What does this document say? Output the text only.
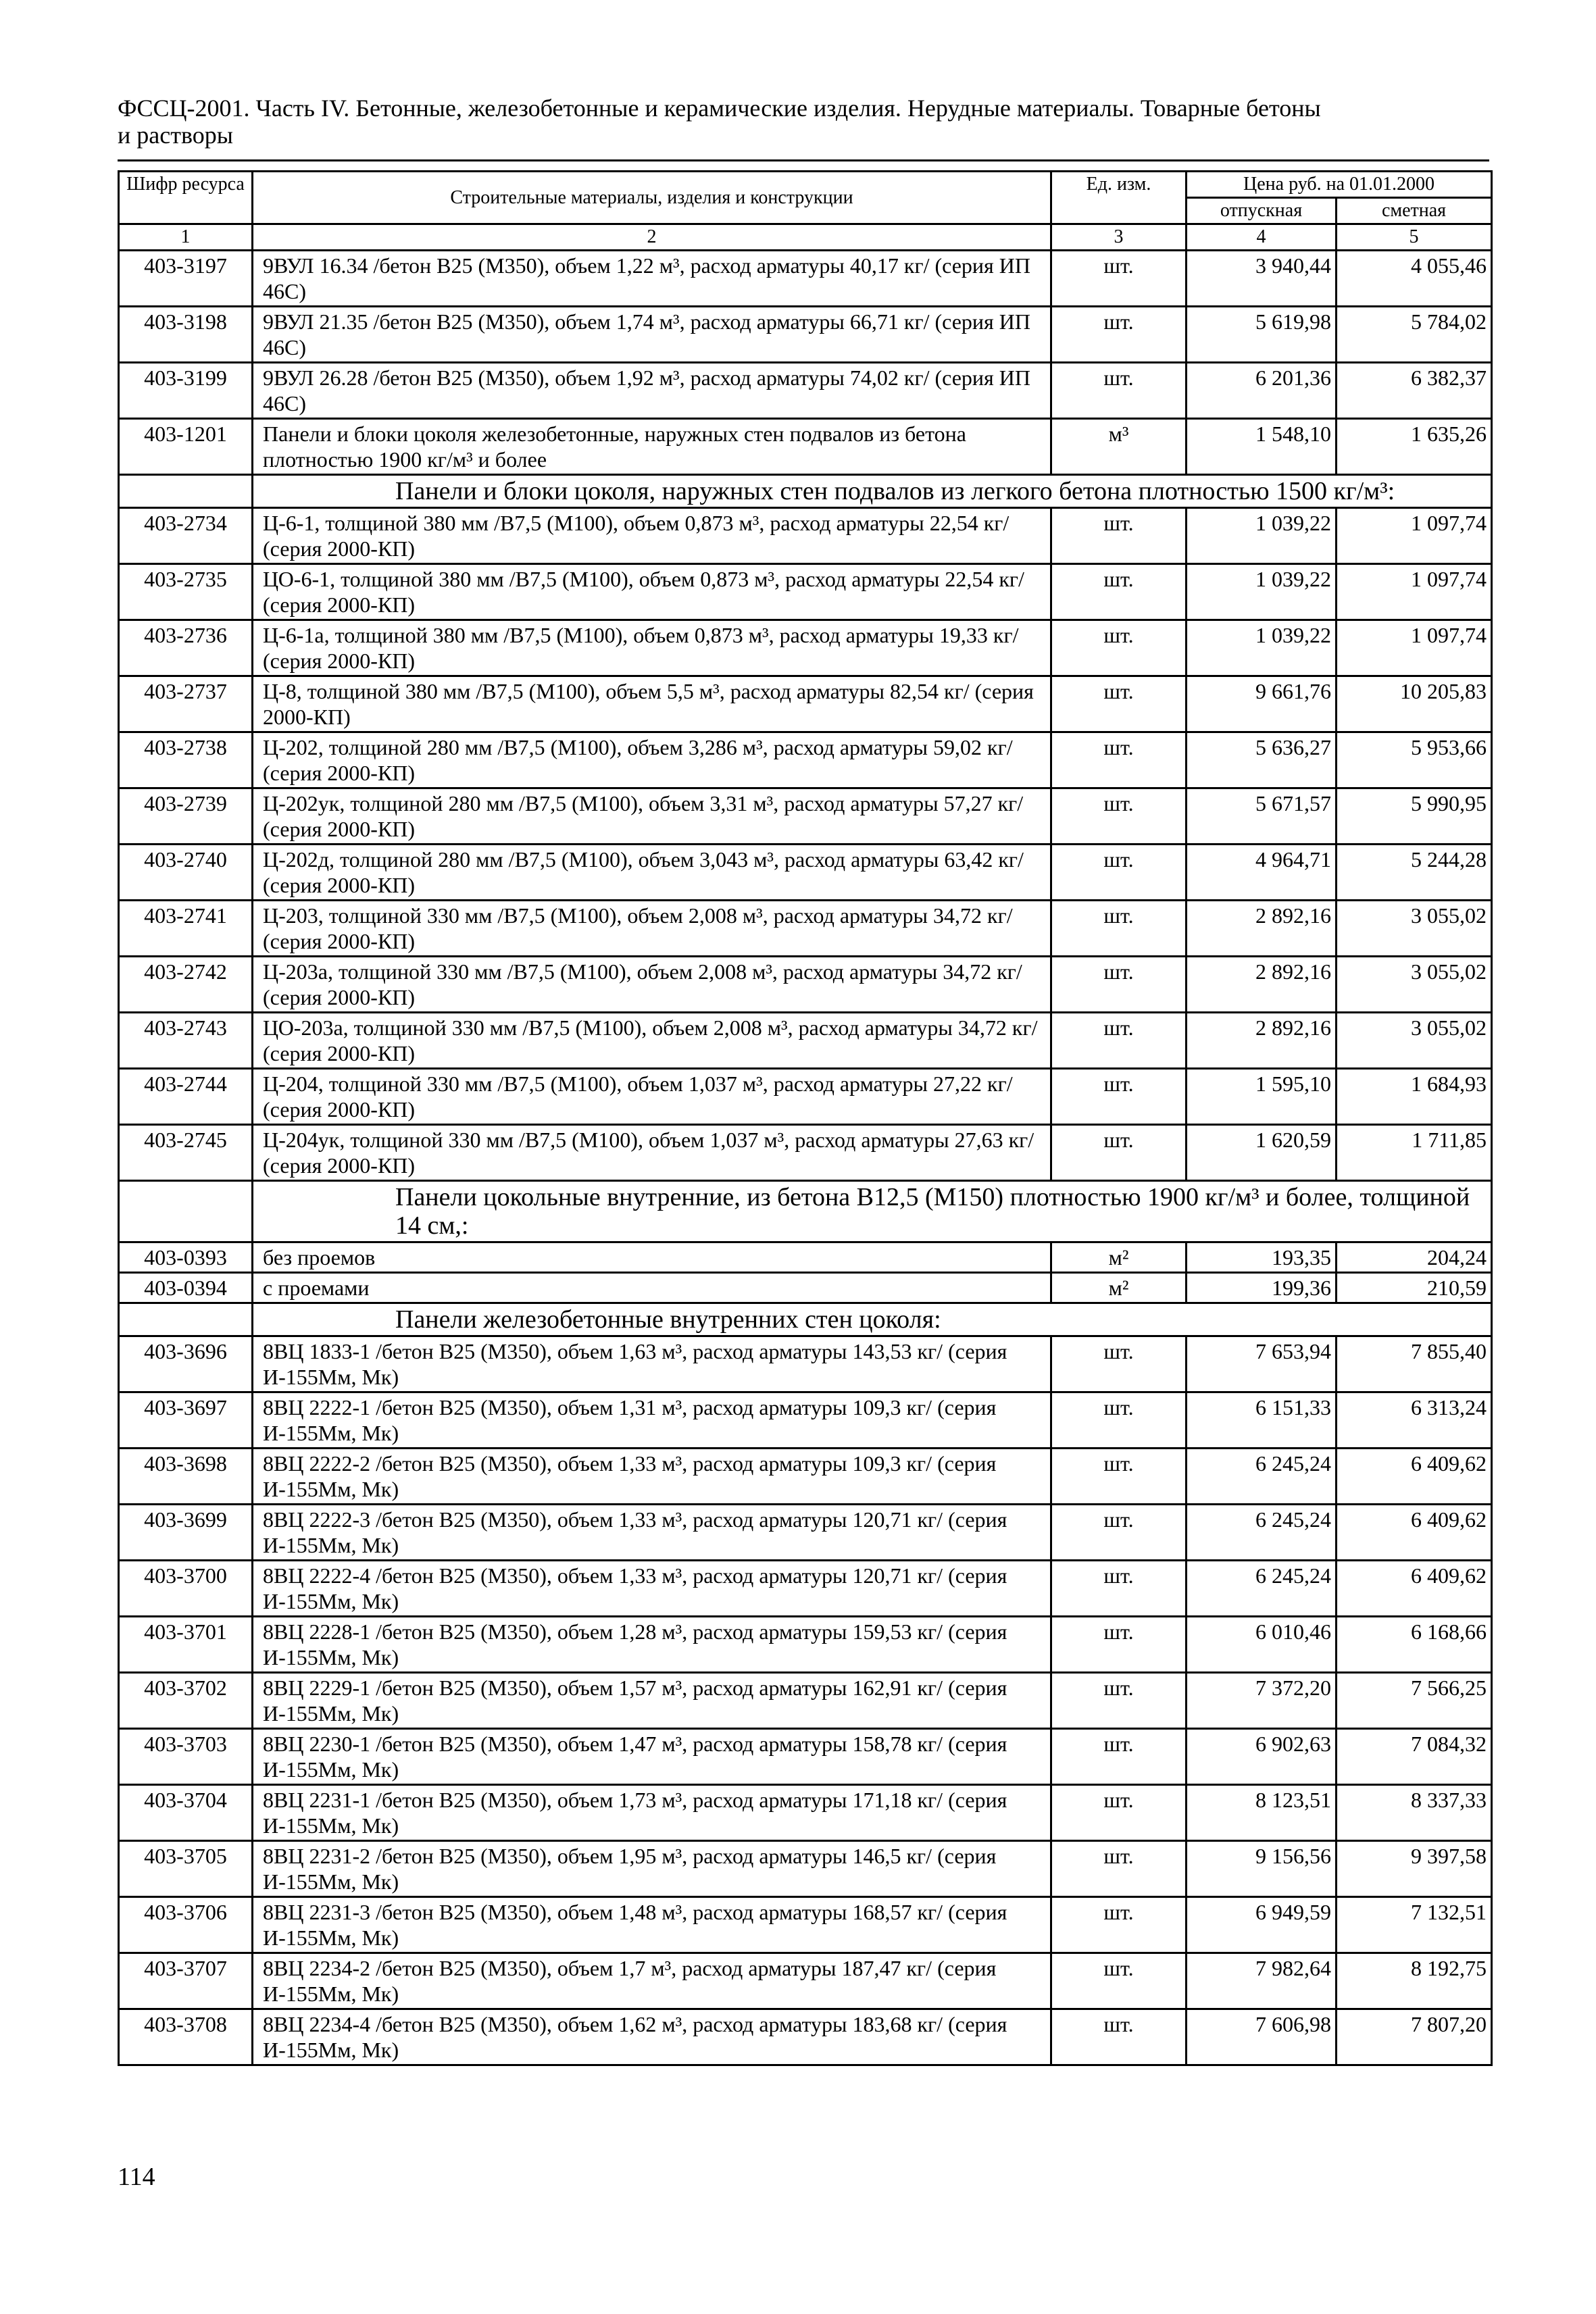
ФССЦ-2001. Часть IV. Бетонные, железобетонные и керамические изделия. Нерудные материалы. Товарные бетоны
и растворы
Шифр ресурса	Строительные материалы, изделия и конструкции	Ед. изм.	Цена руб. на 01.01.2000	
			отпускная	сметная
1	2	3	4	5
403-3197	9ВУЛ 16.34 /бетон B25 (М350), объем 1,22 м³, расход арматуры 40,17 кг/ (серия ИП 46С)	шт.	3 940,44	4 055,46
403-3198	9ВУЛ 21.35 /бетон B25 (М350), объем 1,74 м³, расход арматуры 66,71 кг/ (серия ИП 46С)	шт.	5 619,98	5 784,02
403-3199	9ВУЛ 26.28 /бетон B25 (М350), объем 1,92 м³, расход арматуры 74,02 кг/ (серия ИП 46С)	шт.	6 201,36	6 382,37
403-1201	Панели и блоки цоколя железобетонные, наружных стен подвалов из бетона плотностью 1900 кг/м³ и более	м³	1 548,10	1 635,26
	Панели и блоки цоколя, наружных стен подвалов из легкого бетона плотностью 1500 кг/м³:			
403-2734	Ц-6-1, толщиной 380 мм /B7,5 (М100), объем 0,873 м³, расход арматуры 22,54 кг/ (серия 2000-КП)	шт.	1 039,22	1 097,74
403-2735	ЦО-6-1, толщиной 380 мм /B7,5 (М100), объем 0,873 м³, расход арматуры 22,54 кг/ (серия 2000-КП)	шт.	1 039,22	1 097,74
403-2736	Ц-6-1а, толщиной 380 мм /B7,5 (М100), объем 0,873 м³, расход арматуры 19,33 кг/ (серия 2000-КП)	шт.	1 039,22	1 097,74
403-2737	Ц-8, толщиной 380 мм /B7,5 (М100), объем 5,5 м³, расход арматуры 82,54 кг/ (серия 2000-КП)	шт.	9 661,76	10 205,83
403-2738	Ц-202, толщиной 280 мм /B7,5 (М100), объем 3,286 м³, расход арматуры 59,02 кг/ (серия 2000-КП)	шт.	5 636,27	5 953,66
403-2739	Ц-202ук, толщиной 280 мм /B7,5 (М100), объем 3,31 м³, расход арматуры 57,27 кг/ (серия 2000-КП)	шт.	5 671,57	5 990,95
403-2740	Ц-202д, толщиной 280 мм /B7,5 (М100), объем 3,043 м³, расход арматуры 63,42 кг/ (серия 2000-КП)	шт.	4 964,71	5 244,28
403-2741	Ц-203, толщиной 330 мм /B7,5 (М100), объем 2,008 м³, расход арматуры 34,72 кг/ (серия 2000-КП)	шт.	2 892,16	3 055,02
403-2742	Ц-203а, толщиной 330 мм /B7,5 (М100), объем 2,008 м³, расход арматуры 34,72 кг/ (серия 2000-КП)	шт.	2 892,16	3 055,02
403-2743	ЦО-203а, толщиной 330 мм /B7,5 (М100), объем 2,008 м³, расход арматуры 34,72 кг/ (серия 2000-КП)	шт.	2 892,16	3 055,02
403-2744	Ц-204, толщиной 330 мм /B7,5 (М100), объем 1,037 м³, расход арматуры 27,22 кг/ (серия 2000-КП)	шт.	1 595,10	1 684,93
403-2745	Ц-204ук, толщиной 330 мм /B7,5 (М100), объем 1,037 м³, расход арматуры 27,63 кг/ (серия 2000-КП)	шт.	1 620,59	1 711,85
	Панели цокольные внутренние, из бетона B12,5 (М150) плотностью 1900 кг/м³ и более, толщиной 14 см,:			
403-0393	без проемов	м²	193,35	204,24
403-0394	с проемами	м²	199,36	210,59
	Панели железобетонные внутренних стен цоколя:			
403-3696	8ВЦ 1833-1 /бетон B25 (М350), объем 1,63 м³, расход арматуры 143,53 кг/ (серия И-155Мм, Мк)	шт.	7 653,94	7 855,40
403-3697	8ВЦ 2222-1 /бетон B25 (М350), объем 1,31 м³, расход арматуры 109,3 кг/ (серия И-155Мм, Мк)	шт.	6 151,33	6 313,24
403-3698	8ВЦ 2222-2 /бетон B25 (М350), объем 1,33 м³, расход арматуры 109,3 кг/ (серия И-155Мм, Мк)	шт.	6 245,24	6 409,62
403-3699	8ВЦ 2222-3 /бетон B25 (М350), объем 1,33 м³, расход арматуры 120,71 кг/ (серия И-155Мм, Мк)	шт.	6 245,24	6 409,62
403-3700	8ВЦ 2222-4 /бетон B25 (М350), объем 1,33 м³, расход арматуры 120,71 кг/ (серия И-155Мм, Мк)	шт.	6 245,24	6 409,62
403-3701	8ВЦ 2228-1 /бетон B25 (М350), объем 1,28 м³, расход арматуры 159,53 кг/ (серия И-155Мм, Мк)	шт.	6 010,46	6 168,66
403-3702	8ВЦ 2229-1 /бетон B25 (М350), объем 1,57 м³, расход арматуры 162,91 кг/ (серия И-155Мм, Мк)	шт.	7 372,20	7 566,25
403-3703	8ВЦ 2230-1 /бетон B25 (М350), объем 1,47 м³, расход арматуры 158,78 кг/ (серия И-155Мм, Мк)	шт.	6 902,63	7 084,32
403-3704	8ВЦ 2231-1 /бетон B25 (М350), объем 1,73 м³, расход арматуры 171,18 кг/ (серия И-155Мм, Мк)	шт.	8 123,51	8 337,33
403-3705	8ВЦ 2231-2 /бетон B25 (М350), объем 1,95 м³, расход арматуры 146,5 кг/ (серия И-155Мм, Мк)	шт.	9 156,56	9 397,58
403-3706	8ВЦ 2231-3 /бетон B25 (М350), объем 1,48 м³, расход арматуры 168,57 кг/ (серия И-155Мм, Мк)	шт.	6 949,59	7 132,51
403-3707	8ВЦ 2234-2 /бетон B25 (М350), объем 1,7 м³, расход арматуры 187,47 кг/ (серия И-155Мм, Мк)	шт.	7 982,64	8 192,75
403-3708	8ВЦ 2234-4 /бетон B25 (М350), объем 1,62 м³, расход арматуры 183,68 кг/ (серия И-155Мм, Мк)	шт.	7 606,98	7 807,20
114
